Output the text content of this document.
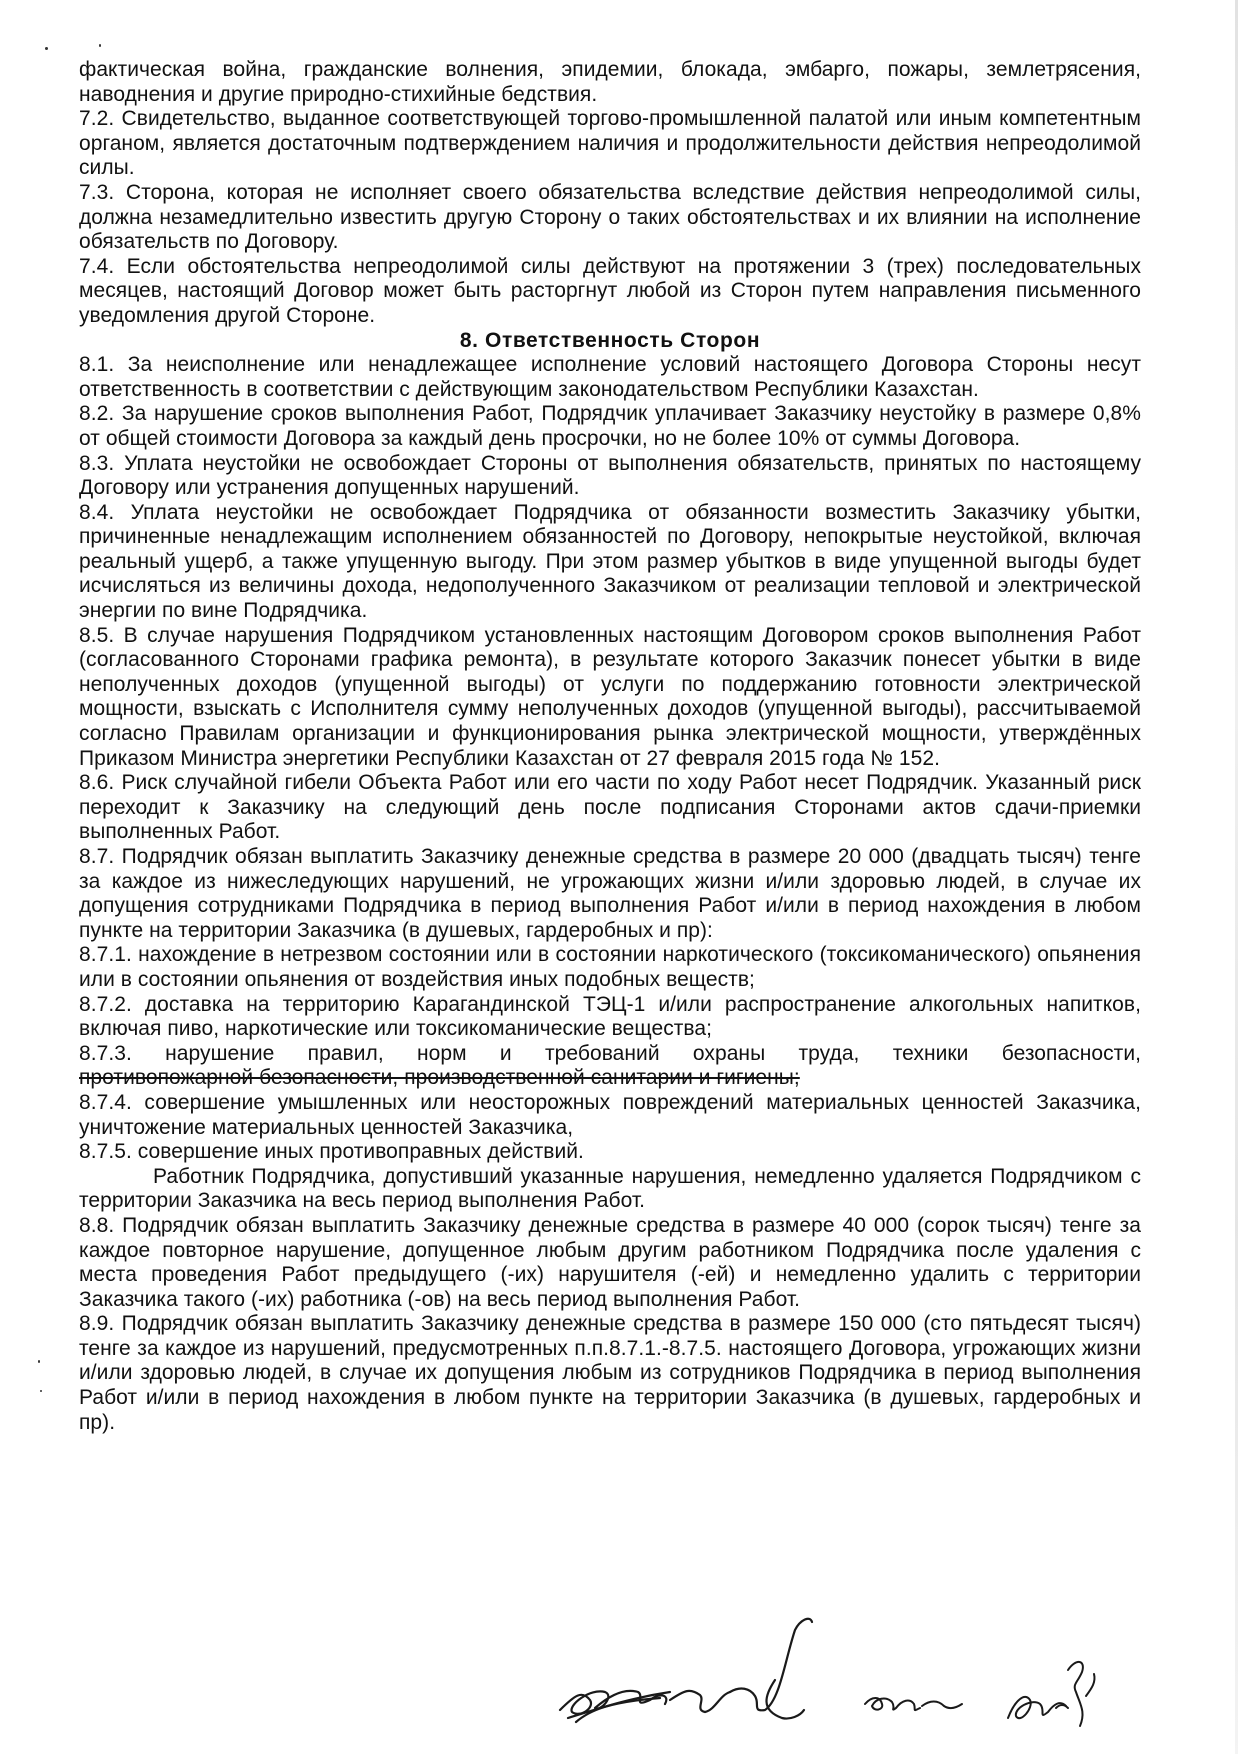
фактическая война, гражданские волнения, эпидемии, блокада, эмбарго, пожары, землетрясения, наводнения и другие природно-стихийные бедствия.

7.2. Свидетельство, выданное соответствующей торгово-промышленной палатой или иным компетентным органом, является достаточным подтверждением наличия и продолжительности действия непреодолимой силы.

7.3. Сторона, которая не исполняет своего обязательства вследствие действия непреодолимой силы, должна незамедлительно известить другую Сторону о таких обстоятельствах и их влиянии на исполнение обязательств по Договору.

7.4. Если обстоятельства непреодолимой силы действуют на протяжении 3 (трех) последовательных месяцев, настоящий Договор может быть расторгнут любой из Сторон путем направления письменного уведомления другой Стороне.

8. Ответственность Сторон

8.1. За неисполнение или ненадлежащее исполнение условий настоящего Договора Стороны несут ответственность в соответствии с действующим законодательством Республики Казахстан.

8.2. За нарушение сроков выполнения Работ, Подрядчик уплачивает Заказчику неустойку в размере 0,8% от общей стоимости Договора за каждый день просрочки, но не более 10% от суммы Договора.

8.3. Уплата неустойки не освобождает Стороны от выполнения обязательств, принятых по настоящему Договору или устранения допущенных нарушений.

8.4. Уплата неустойки не освобождает Подрядчика от обязанности возместить Заказчику убытки, причиненные ненадлежащим исполнением обязанностей по Договору, непокрытые неустойкой, включая реальный ущерб, а также упущенную выгоду. При этом размер убытков в виде упущенной выгоды будет исчисляться из величины дохода, недополученного Заказчиком от реализации тепловой и электрической энергии по вине Подрядчика.

8.5. В случае нарушения Подрядчиком установленных настоящим Договором сроков выполнения Работ (согласованного Сторонами графика ремонта), в результате которого Заказчик понесет убытки в виде неполученных доходов (упущенной выгоды) от услуги по поддержанию готовности электрической мощности, взыскать с Исполнителя сумму неполученных доходов (упущенной выгоды), рассчитываемой согласно Правилам организации и функционирования рынка электрической мощности, утверждённых Приказом Министра энергетики Республики Казахстан от 27 февраля 2015 года № 152.

8.6. Риск случайной гибели Объекта Работ или его части по ходу Работ несет Подрядчик. Указанный риск переходит к Заказчику на следующий день после подписания Сторонами актов сдачи-приемки выполненных Работ.

8.7. Подрядчик обязан выплатить Заказчику денежные средства в размере 20 000 (двадцать тысяч) тенге за каждое из нижеследующих нарушений, не угрожающих жизни и/или здоровью людей, в случае их допущения сотрудниками Подрядчика в период выполнения Работ и/или в период нахождения в любом пункте на территории Заказчика (в душевых, гардеробных и пр):

8.7.1. нахождение в нетрезвом состоянии или в состоянии наркотического (токсикоманического) опьянения или в состоянии опьянения от воздействия иных подобных веществ;

8.7.2. доставка на территорию Карагандинской ТЭЦ-1 и/или распространение алкогольных напитков, включая пиво, наркотические или токсикоманические вещества;

8.7.3. нарушение правил, норм и требований охраны труда, техники безопасности,

противопожарной безопасности, производственной санитарии и гигиены;

8.7.4. совершение умышленных или неосторожных повреждений материальных ценностей Заказчика, уничтожение материальных ценностей Заказчика,

8.7.5. совершение иных противоправных действий.

Работник Подрядчика, допустивший указанные нарушения, немедленно удаляется Подрядчиком с территории Заказчика на весь период выполнения Работ.

8.8. Подрядчик обязан выплатить Заказчику денежные средства в размере 40 000 (сорок тысяч) тенге за каждое повторное нарушение, допущенное любым другим работником Подрядчика после удаления с места проведения Работ предыдущего (-их) нарушителя (-ей) и немедленно удалить с территории Заказчика такого (-их) работника (-ов) на весь период выполнения Работ.

8.9. Подрядчик обязан выплатить Заказчику денежные средства в размере 150 000 (сто пятьдесят тысяч) тенге за каждое из нарушений, предусмотренных п.п.8.7.1.-8.7.5. настоящего Договора, угрожающих жизни и/или здоровью людей, в случае их допущения любым из сотрудников Подрядчика в период выполнения Работ и/или в период нахождения в любом пункте на территории Заказчика (в душевых, гардеробных и пр).
